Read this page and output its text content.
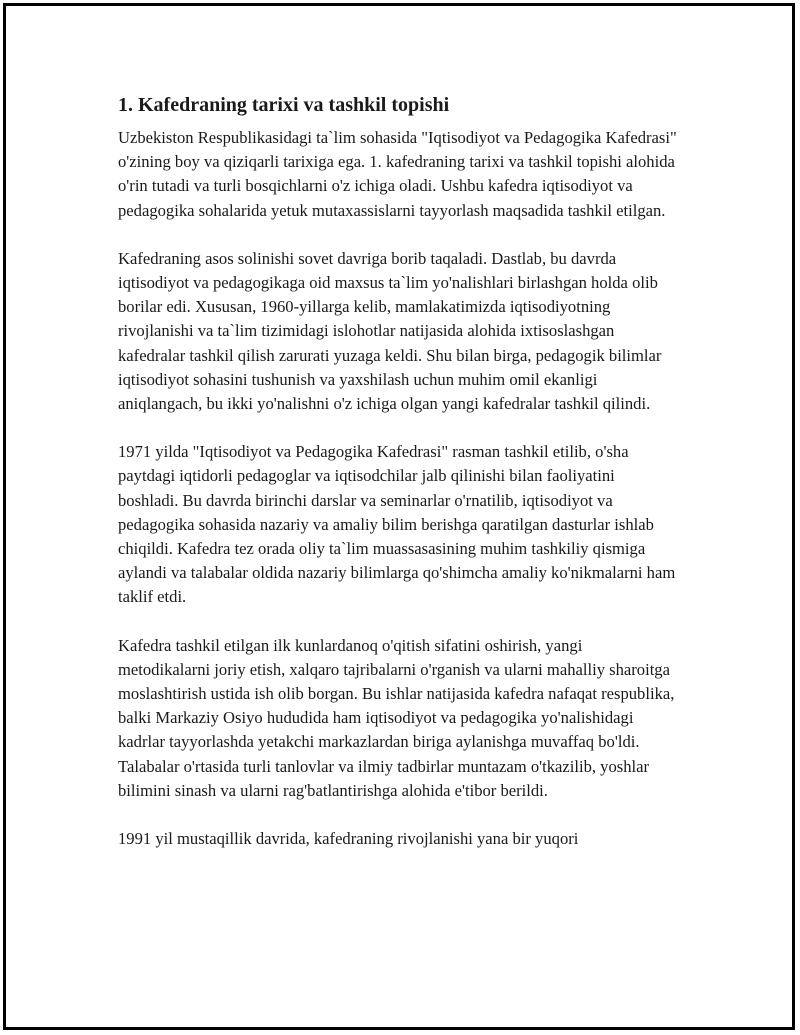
1. Kafedraning tarixi va tashkil topishi

Uzbekiston Respublikasidagi ta`lim sohasida "Iqtisodiyot va Pedagogika Kafedrasi" o'zining boy va qiziqarli tarixiga ega. 1. kafedraning tarixi va tashkil topishi alohida o'rin tutadi va turli bosqichlarni o'z ichiga oladi. Ushbu kafedra iqtisodiyot va pedagogika sohalarida yetuk mutaxassislarni tayyorlash maqsadida tashkil etilgan.

Kafedraning asos solinishi sovet davriga borib taqaladi. Dastlab, bu davrda iqtisodiyot va pedagogikaga oid maxsus ta`lim yo'nalishlari birlashgan holda olib borilar edi. Xususan, 1960-yillarga kelib, mamlakatimizda iqtisodiyotning rivojlanishi va ta`lim tizimidagi islohotlar natijasida alohida ixtisoslashgan kafedralar tashkil qilish zarurati yuzaga keldi. Shu bilan birga, pedagogik bilimlar iqtisodiyot sohasini tushunish va yaxshilash uchun muhim omil ekanligi aniqlangach, bu ikki yo'nalishni o'z ichiga olgan yangi kafedralar tashkil qilindi.

1971 yilda "Iqtisodiyot va Pedagogika Kafedrasi" rasman tashkil etilib, o'sha paytdagi iqtidorli pedagoglar va iqtisodchilar jalb qilinishi bilan faoliyatini boshladi. Bu davrda birinchi darslar va seminarlar o'rnatilib, iqtisodiyot va pedagogika sohasida nazariy va amaliy bilim berishga qaratilgan dasturlar ishlab chiqildi. Kafedra tez orada oliy ta`lim muassasasining muhim tashkiliy qismiga aylandi va talabalar oldida nazariy bilimlarga qo'shimcha amaliy ko'nikmalarni ham taklif etdi.

Kafedra tashkil etilgan ilk kunlardanoq o'qitish sifatini oshirish, yangi metodikalarni joriy etish, xalqaro tajribalarni o'rganish va ularni mahalliy sharoitga moslashtirish ustida ish olib borgan. Bu ishlar natijasida kafedra nafaqat respublika, balki Markaziy Osiyo hududida ham iqtisodiyot va pedagogika yo'nalishidagi kadrlar tayyorlashda yetakchi markazlardan biriga aylanishga muvaffaq bo'ldi. Talabalar o'rtasida turli tanlovlar va ilmiy tadbirlar muntazam o'tkazilib, yoshlar bilimini sinash va ularni rag'batlantirishga alohida e'tibor berildi.

1991 yil mustaqillik davrida, kafedraning rivojlanishi yana bir yuqori
